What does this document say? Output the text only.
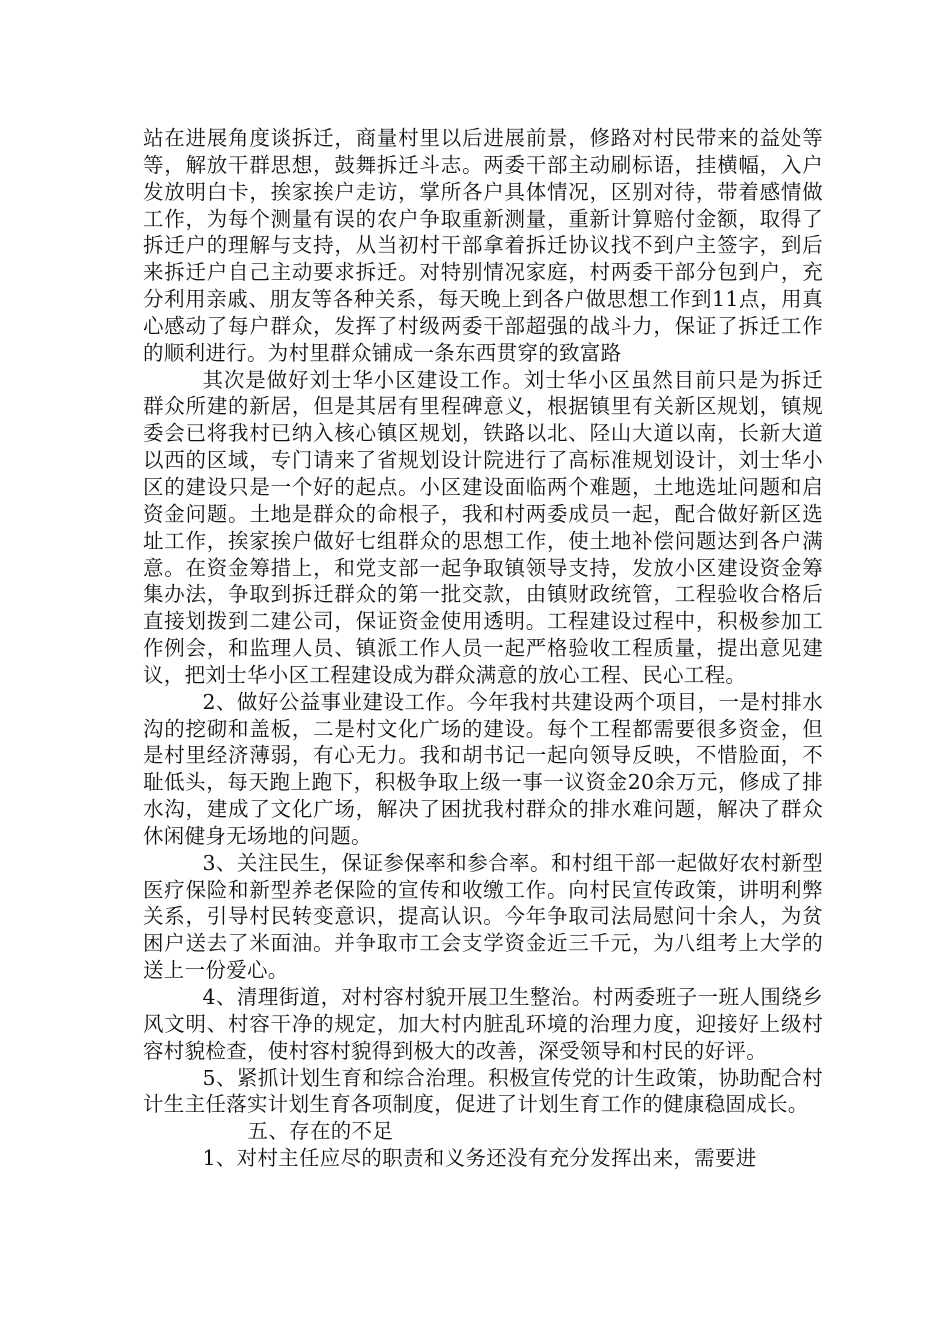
站在进展角度谈拆迁，商量村里以后进展前景，修路对村民带来的益处等等，解放干群思想，鼓舞拆迁斗志。两委干部主动刷标语，挂横幅，入户发放明白卡，挨家挨户走访，掌所各户具体情况，区别对待，带着感情做工作，为每个测量有误的农户争取重新测量，重新计算赔付金额，取得了拆迁户的理解与支持，从当初村干部拿着拆迁协议找不到户主签字，到后来拆迁户自己主动要求拆迁。对特别情况家庭，村两委干部分包到户，充分利用亲戚、朋友等各种关系，每天晚上到各户做思想工作到11点，用真心感动了每户群众，发挥了村级两委干部超强的战斗力，保证了拆迁工作的顺利进行。为村里群众铺成一条东西贯穿的致富路

其次是做好刘士华小区建设工作。刘士华小区虽然目前只是为拆迁群众所建的新居，但是其居有里程碑意义，根据镇里有关新区规划，镇规委会已将我村已纳入核心镇区规划，铁路以北、陉山大道以南，长新大道以西的区域，专门请来了省规划设计院进行了高标准规划设计，刘士华小区的建设只是一个好的起点。小区建设面临两个难题，土地选址问题和启资金问题。土地是群众的命根子，我和村两委成员一起，配合做好新区选址工作，挨家挨户做好七组群众的思想工作，使土地补偿问题达到各户满意。在资金筹措上，和党支部一起争取镇领导支持，发放小区建设资金筹集办法，争取到拆迁群众的第一批交款，由镇财政统管，工程验收合格后直接划拨到二建公司，保证资金使用透明。工程建设过程中，积极参加工作例会，和监理人员、镇派工作人员一起严格验收工程质量，提出意见建议，把刘士华小区工程建设成为群众满意的放心工程、民心工程。

2、做好公益事业建设工作。今年我村共建设两个项目，一是村排水沟的挖砌和盖板，二是村文化广场的建设。每个工程都需要很多资金，但是村里经济薄弱，有心无力。我和胡书记一起向领导反映，不惜脸面，不耻低头，每天跑上跑下，积极争取上级一事一议资金20余万元，修成了排水沟，建成了文化广场，解决了困扰我村群众的排水难问题，解决了群众休闲健身无场地的问题。

3、关注民生，保证参保率和参合率。和村组干部一起做好农村新型医疗保险和新型养老保险的宣传和收缴工作。向村民宣传政策，讲明利弊关系，引导村民转变意识，提高认识。今年争取司法局慰问十余人，为贫困户送去了米面油。并争取市工会支学资金近三千元，为八组考上大学的送上一份爱心。

4、清理街道，对村容村貌开展卫生整治。村两委班子一班人围绕乡风文明、村容干净的规定，加大村内脏乱环境的治理力度，迎接好上级村容村貌检查，使村容村貌得到极大的改善，深受领导和村民的好评。

5、紧抓计划生育和综合治理。积极宣传党的计生政策，协助配合村计生主任落实计划生育各项制度，促进了计划生育工作的健康稳固成长。

五、存在的不足

1、对村主任应尽的职责和义务还没有充分发挥出来，需要进
